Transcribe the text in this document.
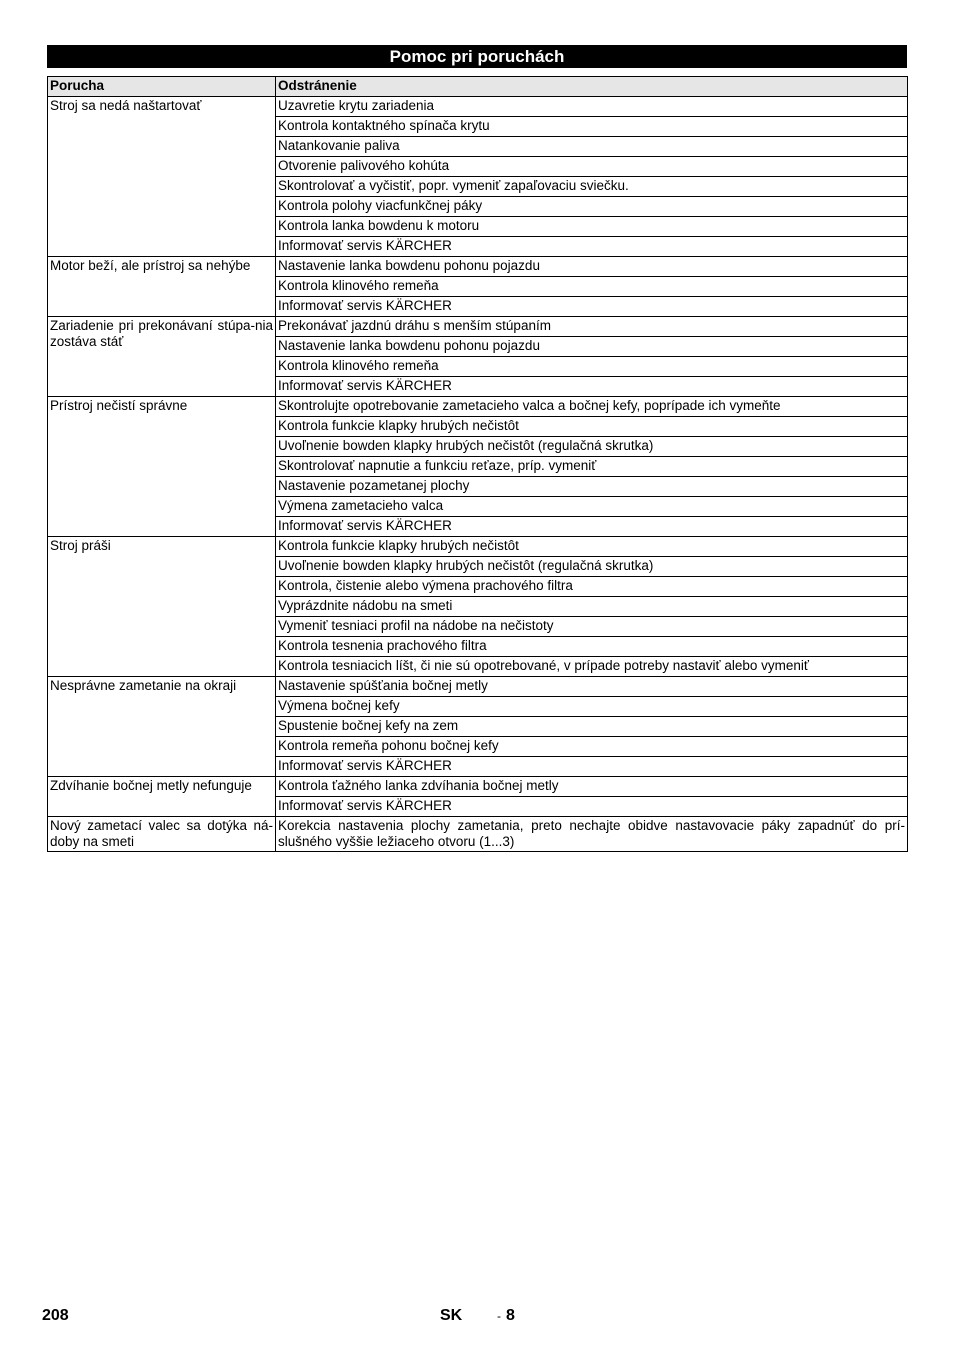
Pomoc pri poruchách
Porucha	Odstránenie
Stroj sa nedá naštartovať	Uzavretie krytu zariadenia
	Kontrola kontaktného spínača krytu
	Natankovanie paliva
	Otvorenie palivového kohúta
	Skontrolovať a vyčistiť, popr. vymeniť zapaľovaciu sviečku.
	Kontrola polohy viacfunkčnej páky
	Kontrola lanka bowdenu k motoru
	Informovať servis KÄRCHER
Motor beží, ale prístroj sa nehýbe	Nastavenie lanka bowdenu pohonu pojazdu
	Kontrola klinového remeňa
	Informovať servis KÄRCHER
Zariadenie pri prekonávaní stúpa-nia zostáva stáť	Prekonávať jazdnú dráhu s menším stúpaním
	Nastavenie lanka bowdenu pohonu pojazdu
	Kontrola klinového remeňa
	Informovať servis KÄRCHER
Prístroj nečistí správne	Skontrolujte opotrebovanie zametacieho valca a bočnej kefy, poprípade ich vymeňte
	Kontrola funkcie klapky hrubých nečistôt
	Uvoľnenie bowden klapky hrubých nečistôt (regulačná skrutka)
	Skontrolovať napnutie a funkciu reťaze, príp. vymeniť
	Nastavenie pozametanej plochy
	Výmena zametacieho valca
	Informovať servis KÄRCHER
Stroj práši	Kontrola funkcie klapky hrubých nečistôt
	Uvoľnenie bowden klapky hrubých nečistôt (regulačná skrutka)
	Kontrola, čistenie alebo výmena prachového filtra
	Vyprázdnite nádobu na smeti
	Vymeniť tesniaci profil na nádobe na nečistoty
	Kontrola tesnenia prachového filtra
	Kontrola tesniacich líšt, či nie sú opotrebované, v prípade potreby nastaviť alebo vymeniť
Nesprávne zametanie na okraji	Nastavenie spúšťania bočnej metly
	Výmena bočnej kefy
	Spustenie bočnej kefy na zem
	Kontrola remeňa pohonu bočnej kefy
	Informovať servis KÄRCHER
Zdvíhanie bočnej metly nefunguje	Kontrola ťažného lanka zdvíhania bočnej metly
	Informovať servis KÄRCHER
Nový zametací valec sa dotýka ná-doby na smeti	Korekcia nastavenia plochy zametania, preto nechajte obidve nastavovacie páky zapadnúť do prí-slušného vyššie ležiaceho otvoru (1...3)
208	SK	- 8
